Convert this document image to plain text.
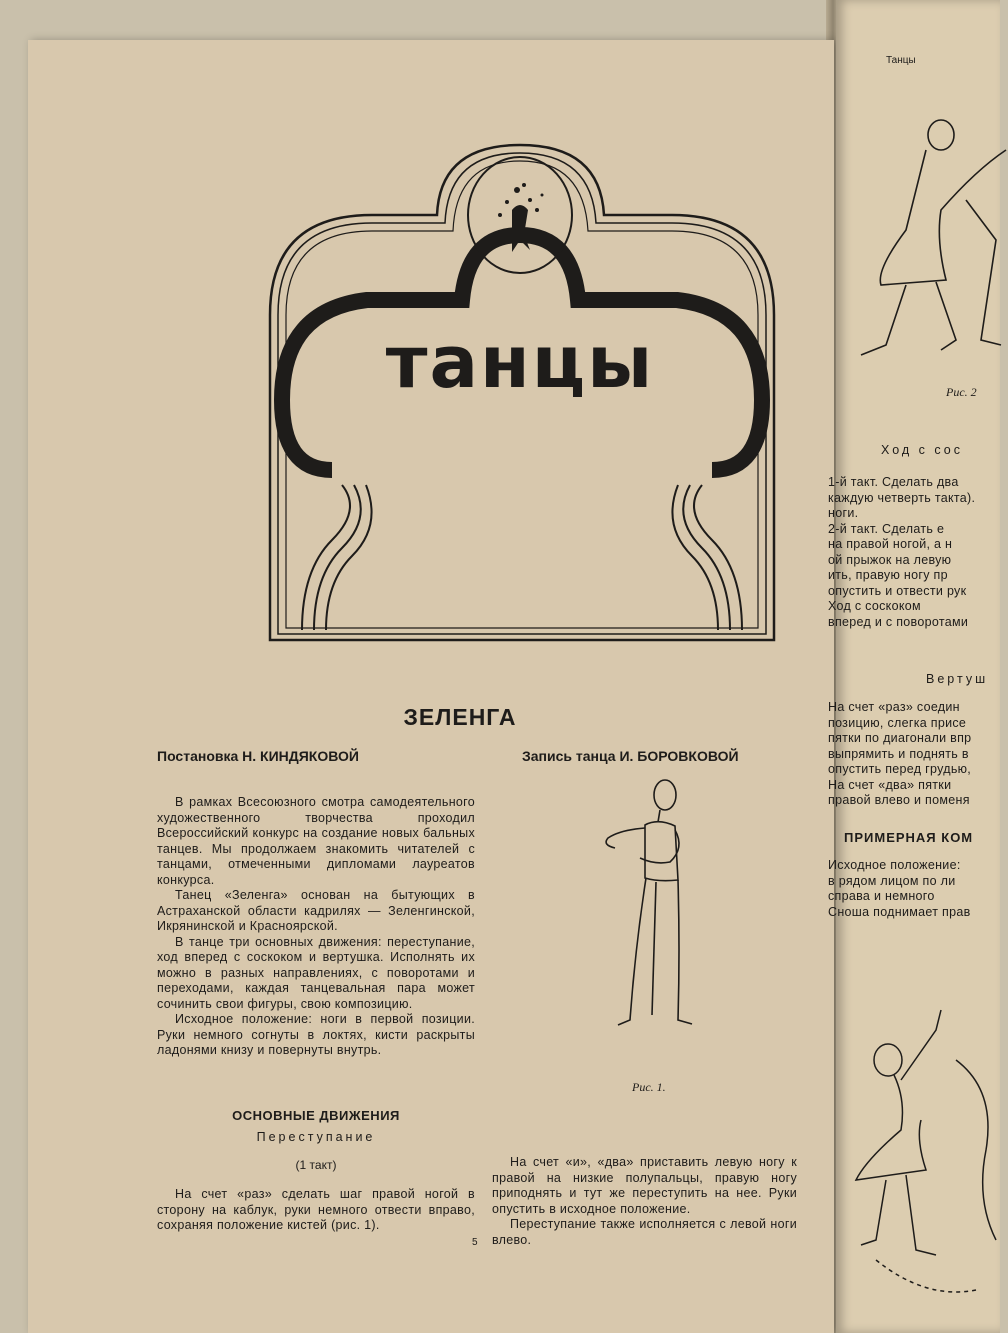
танцы
ЗЕЛЕНГА
Постановка Н. КИНДЯКОВОЙ	Запись танца И. БОРОВКОВОЙ

В рамках Всесоюзного смотра самодеятельного художественного творчества проходил Всероссийский конкурс на создание новых бальных танцев. Мы продолжаем знакомить читателей с танцами, отмеченными дипломами лауреатов конкурса.

Танец «Зеленга» основан на бытующих в Астраханской области кадрилях — Зеленгинской, Икрянинской и Красноярской.

В танце три основных движения: переступание, ход вперед с соскоком и вертушка. Исполнять их можно в разных направлениях, с поворотами и переходами, каждая танцевальная пара может сочинить свои фигуры, свою композицию.

Исходное положение: ноги в первой позиции. Руки немного согнуты в локтях, кисти раскрыты ладонями книзу и повернуты внутрь.

ОСНОВНЫЕ ДВИЖЕНИЯ
Переступание
(1 такт)

На счет «раз» сделать шаг правой ногой в сторону на каблук, руки немного отвести вправо, сохраняя положение кистей (рис. 1).

Рис. 1.

На счет «и», «два» приставить левую ногу к правой на низкие полупальцы, правую ногу приподнять и тут же переступить на нее. Руки опустить в исходное положение.

Переступание также исполняется с левой ноги влево.

5
Танцы
Рис. 2
Ход с сос

1-й такт. Сделать два

каждую четверть такта).

ноги.

2-й такт. Сделать е

на правой ногой, а н

ой прыжок на левую

ить, правую ногу пр

опустить и отвести рук

Ход с соскоком

вперед и с поворотами

Вертуш

На счет «раз» соедин

позицию, слегка присе

пятки по диагонали впр

выпрямить и поднять в

опустить перед грудью,

На счет «два» пятки

правой влево и поменя

ПРИМЕРНАЯ КОМ

Исходное положение:

в рядом лицом по ли

справа и немного

Сноша поднимает прав
